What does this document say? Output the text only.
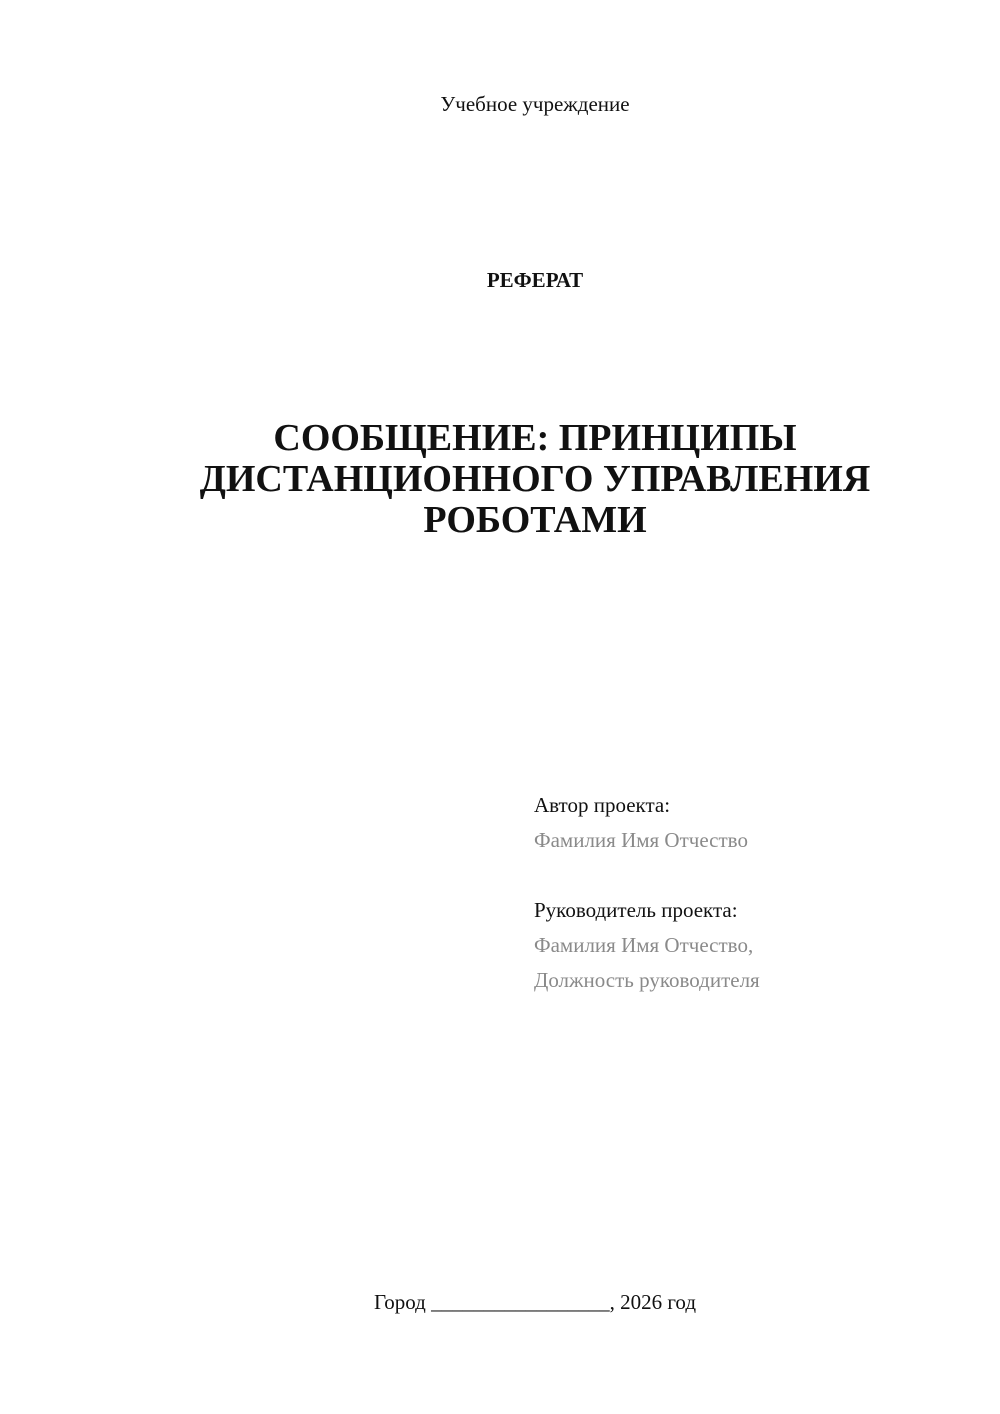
Учебное учреждение
РЕФЕРАТ
СООБЩЕНИЕ: ПРИНЦИПЫ
ДИСТАНЦИОННОГО УПРАВЛЕНИЯ
РОБОТАМИ
Автор проекта:
Фамилия Имя Отчество
Руководитель проекта:
Фамилия Имя Отчество,
Должность руководителя
Город _________________, 2026 год
